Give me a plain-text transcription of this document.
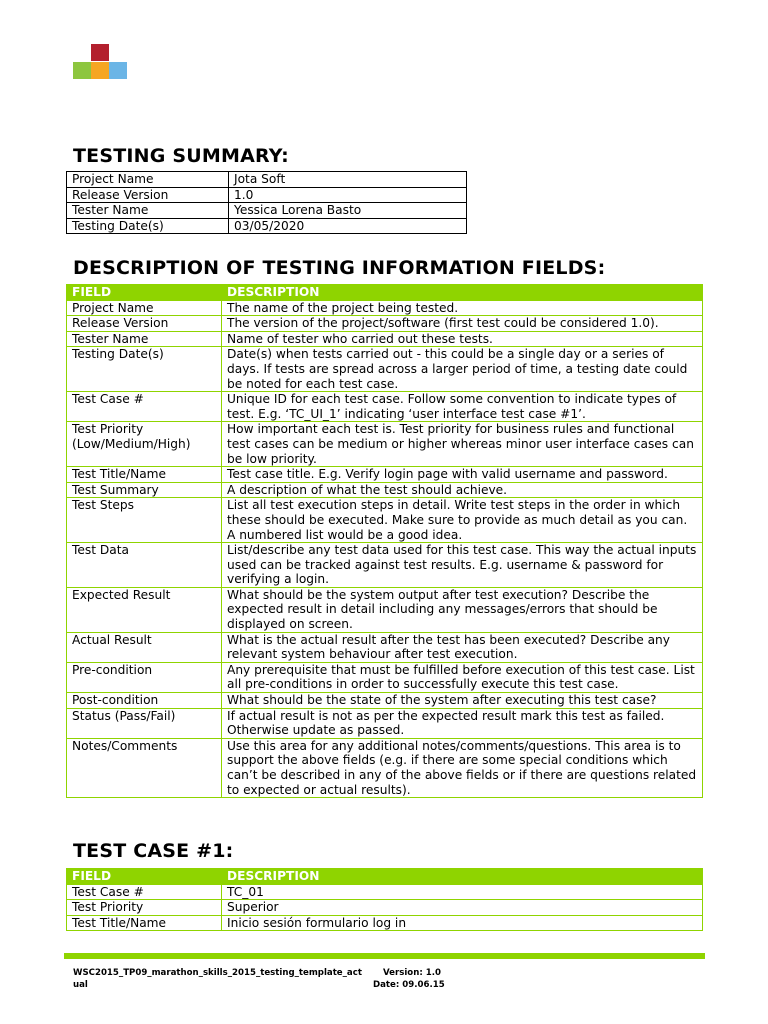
TESTING SUMMARY:
Project Name	Jota Soft
Release Version	1.0
Tester Name	Yessica Lorena Basto
Testing Date(s)	03/05/2020
DESCRIPTION OF TESTING INFORMATION FIELDS:
FIELD	DESCRIPTION
Project Name	The name of the project being tested.
Release Version	The version of the project/software (first test could be considered 1.0).
Tester Name	Name of tester who carried out these tests.
Testing Date(s)	Date(s) when tests carried out - this could be a single day or a series of days. If tests are spread across a larger period of time, a testing date could be noted for each test case.
Test Case #	Unique ID for each test case. Follow some convention to indicate types of test. E.g. ‘TC_UI_1’ indicating ‘user interface test case #1’.
Test Priority (Low/Medium/High)	How important each test is. Test priority for business rules and functional test cases can be medium or higher whereas minor user interface cases can be low priority.
Test Title/Name	Test case title. E.g. Verify login page with valid username and password.
Test Summary	A description of what the test should achieve.
Test Steps	List all test execution steps in detail. Write test steps in the order in which these should be executed. Make sure to provide as much detail as you can. A numbered list would be a good idea.
Test Data	List/describe any test data used for this test case. This way the actual inputs used can be tracked against test results. E.g. username & password for verifying a login.
Expected Result	What should be the system output after test execution? Describe the expected result in detail including any messages/errors that should be displayed on screen.
Actual Result	What is the actual result after the test has been executed? Describe any relevant system behaviour after test execution.
Pre-condition	Any prerequisite that must be fulfilled before execution of this test case. List all pre-conditions in order to successfully execute this test case.
Post-condition	What should be the state of the system after executing this test case?
Status (Pass/Fail)	If actual result is not as per the expected result mark this test as failed. Otherwise update as passed.
Notes/Comments	Use this area for any additional notes/comments/questions. This area is to support the above fields (e.g. if there are some special conditions which can’t be described in any of the above fields or if there are questions related to expected or actual results).
TEST CASE #1:
FIELD	DESCRIPTION
Test Case #	TC_01
Test Priority	Superior
Test Title/Name	Inicio sesión formulario log in
WSC2015_TP09_marathon_skills_2015_testing_template_act
ual
Version: 1.0
Date: 09.06.15
